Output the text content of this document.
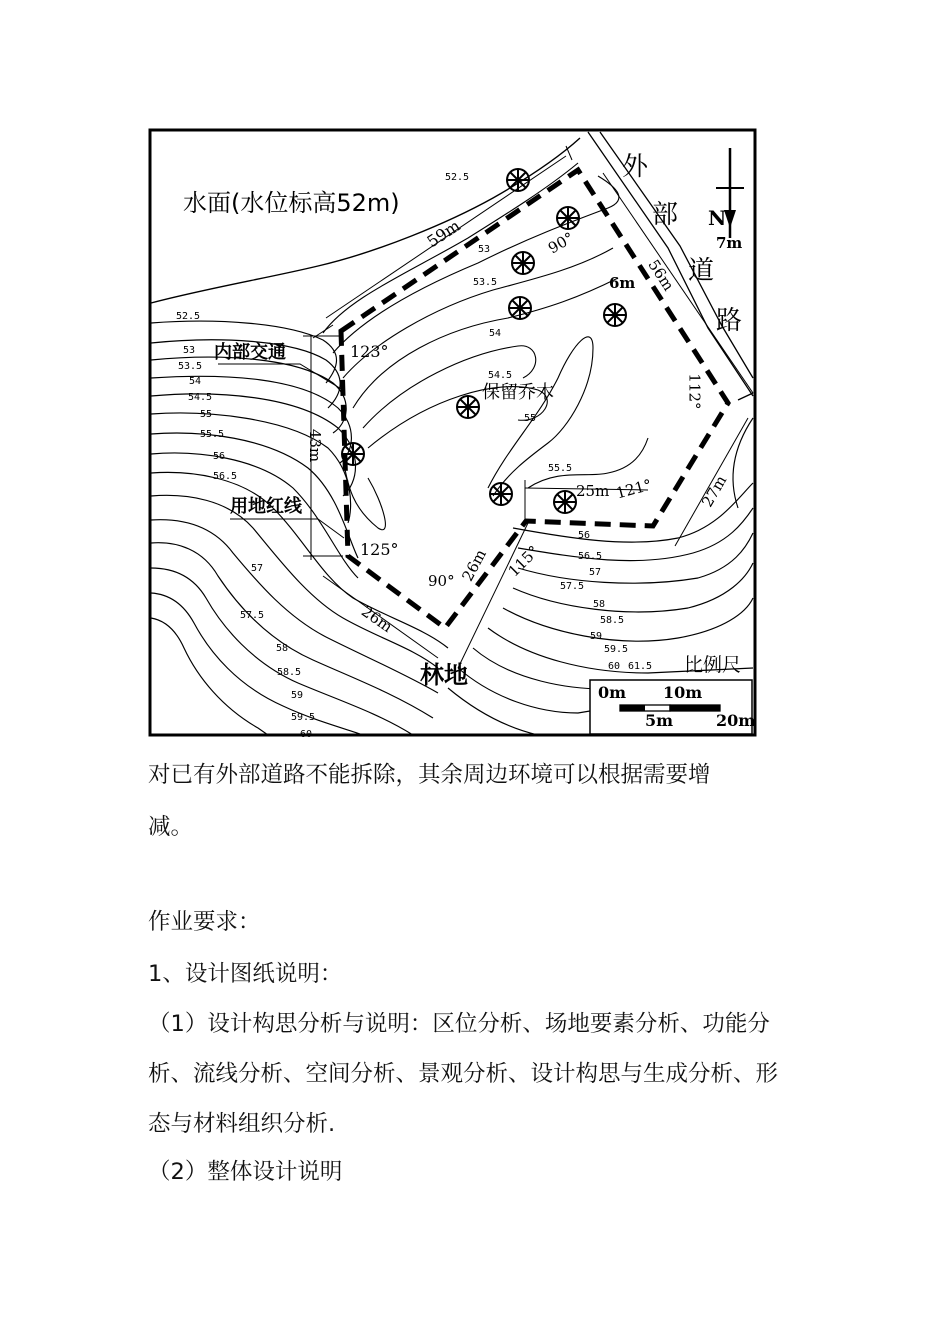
水面(水位标高52m)
外
部
道
路
N
内部交通
用地红线
保留乔木
林地	比例尺
0m 10m
5m	20m
59m
56m
7m
6m
43m
26m
26m
25m	27m
123°
90°
112°
121°
125°
90°
115°
52.5
53
53.5
54
54.5
55
55.5
52.5
53
53.5
54
54.5
55
55.5
56
56.5
57
57.5
58
58.5
59
59.5
60
56
56.5
57
57.5
58
58.5
59
59.5
60 61.5
对已有外部道路不能拆除，其余周边环境可以根据需要增
减。
作业要求：
1、设计图纸说明：
（1）设计构思分析与说明：区位分析、场地要素分析、功能分
析、流线分析、空间分析、景观分析、设计构思与生成分析、形
态与材料组织分析.
（2）整体设计说明
